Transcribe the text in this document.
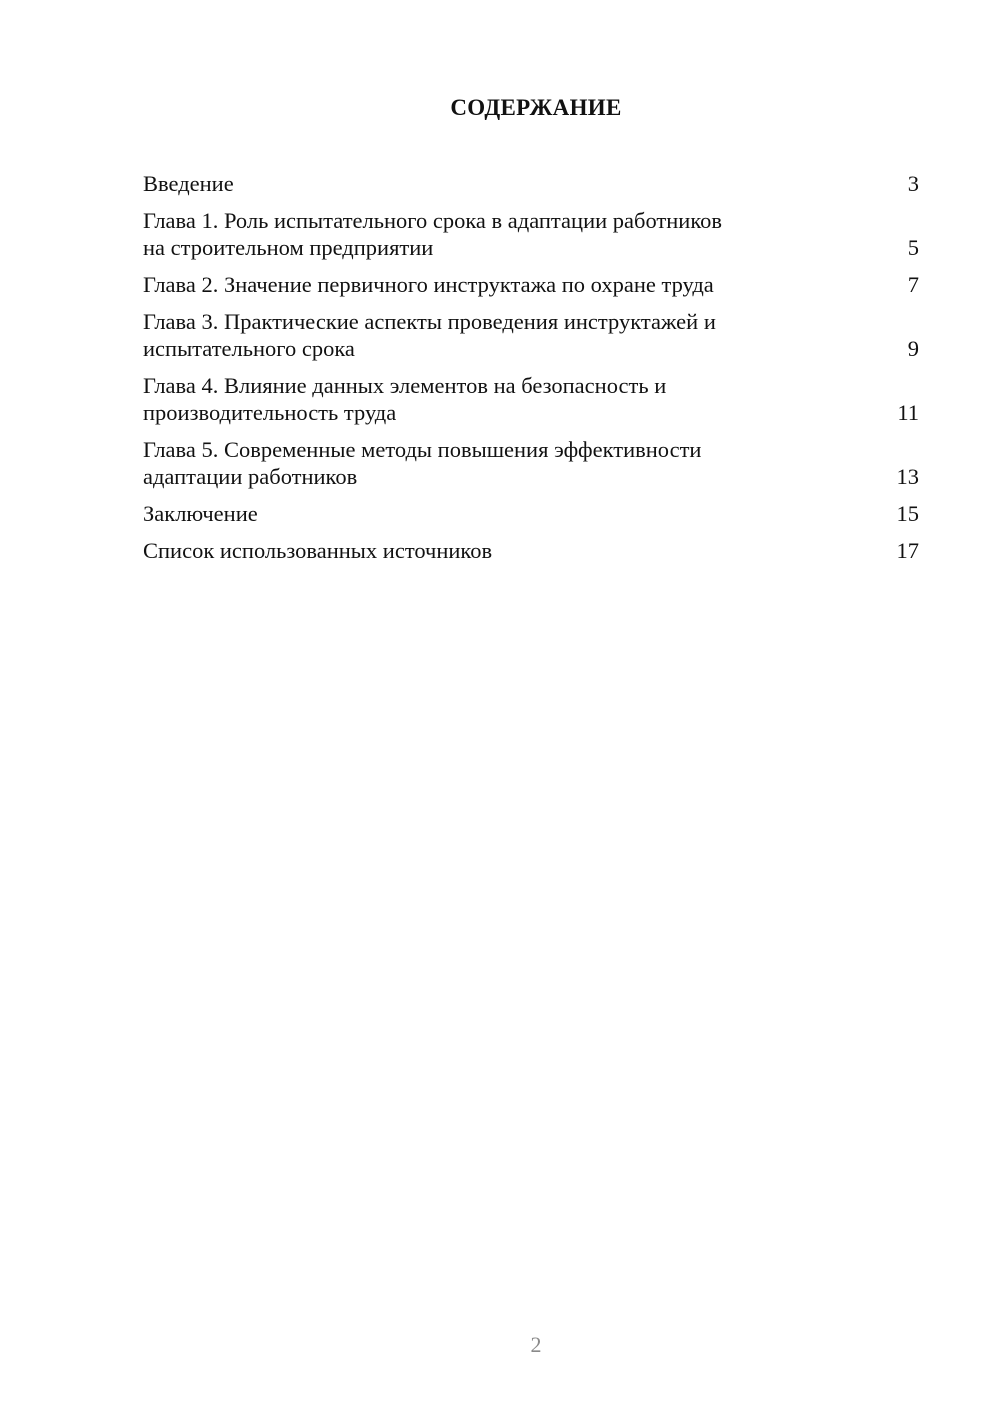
СОДЕРЖАНИЕ
Введение	3
Глава 1. Роль испытательного срока в адаптации работников
на строительном предприятии	5
Глава 2. Значение первичного инструктажа по охране труда	7
Глава 3. Практические аспекты проведения инструктажей и
испытательного срока	9
Глава 4. Влияние данных элементов на безопасность и
производительность труда	11
Глава 5. Современные методы повышения эффективности
адаптации работников	13
Заключение	15
Список использованных источников	17
2
